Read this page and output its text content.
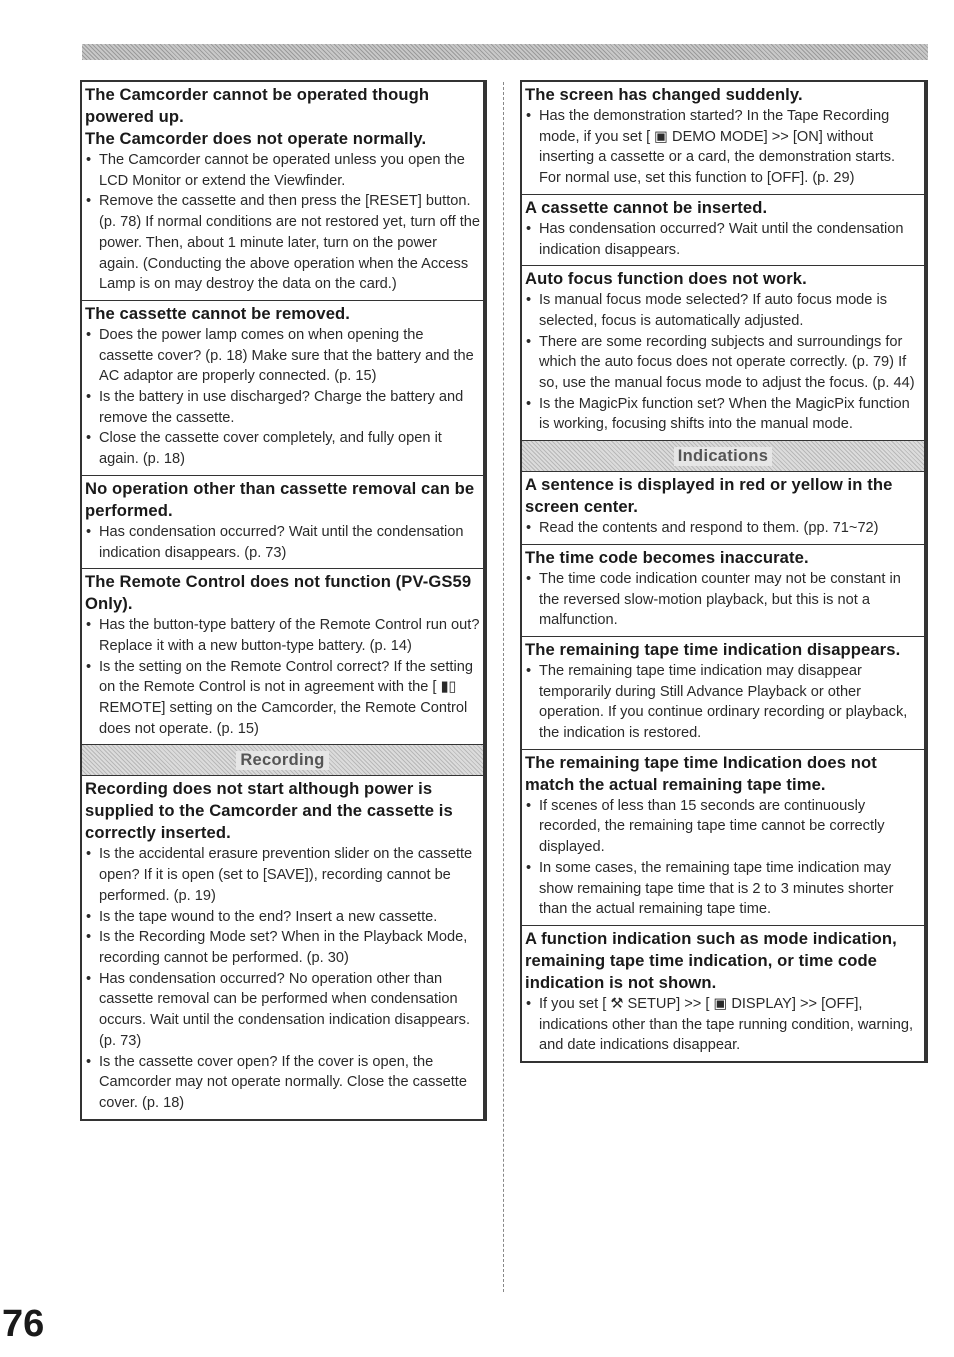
The Camcorder cannot be operated though powered up.
The Camcorder does not operate normally.
• The Camcorder cannot be operated unless you open the LCD Monitor or extend the Viewfinder.
• Remove the cassette and then press the [RESET] button. (p. 78) If normal conditions are not restored yet, turn off the power. Then, about 1 minute later, turn on the power again. (Conducting the above operation when the Access Lamp is on may destroy the data on the card.)
The cassette cannot be removed.
• Does the power lamp comes on when opening the cassette cover? (p. 18) Make sure that the battery and the AC adaptor are properly connected. (p. 15)
• Is the battery in use discharged? Charge the battery and remove the cassette.
• Close the cassette cover completely, and fully open it again. (p. 18)
No operation other than cassette removal can be performed.
• Has condensation occurred? Wait until the condensation indication disappears. (p. 73)
The Remote Control does not function (PV-GS59 Only).
• Has the button-type battery of the Remote Control run out? Replace it with a new button-type battery. (p. 14)
• Is the setting on the Remote Control correct? If the setting on the Remote Control is not in agreement with the [ ▮▯ REMOTE] setting on the Camcorder, the Remote Control does not operate. (p. 15)
Recording
Recording does not start although power is supplied to the Camcorder and the cassette is correctly inserted.
• Is the accidental erasure prevention slider on the cassette open? If it is open (set to [SAVE]), recording cannot be performed. (p. 19)
• Is the tape wound to the end? Insert a new cassette.
• Is the Recording Mode set? When in the Playback Mode, recording cannot be performed. (p. 30)
• Has condensation occurred? No operation other than cassette removal can be performed when condensation occurs. Wait until the condensation indication disappears. (p. 73)
• Is the cassette cover open? If the cover is open, the Camcorder may not operate normally. Close the cassette cover. (p. 18)
The screen has changed suddenly.
• Has the demonstration started? In the Tape Recording mode, if you set [ ▣ DEMO MODE] >> [ON] without inserting a cassette or a card, the demonstration starts. For normal use, set this function to [OFF]. (p. 29)
A cassette cannot be inserted.
• Has condensation occurred? Wait until the condensation indication disappears.
Auto focus function does not work.
• Is manual focus mode selected? If auto focus mode is selected, focus is automatically adjusted.
• There are some recording subjects and surroundings for which the auto focus does not operate correctly. (p. 79) If so, use the manual focus mode to adjust the focus. (p. 44)
• Is the MagicPix function set? When the MagicPix function is working, focusing shifts into the manual mode.
Indications
A sentence is displayed in red or yellow in the screen center.
• Read the contents and respond to them. (pp. 71~72)
The time code becomes inaccurate.
• The time code indication counter may not be constant in the reversed slow-motion playback, but this is not a malfunction.
The remaining tape time indication disappears.
• The remaining tape time indication may disappear temporarily during Still Advance Playback or other operation. If you continue ordinary recording or playback, the indication is restored.
The remaining tape time Indication does not match the actual remaining tape time.
• If scenes of less than 15 seconds are continuously recorded, the remaining tape time cannot be correctly displayed.
• In some cases, the remaining tape time indication may show remaining tape time that is 2 to 3 minutes shorter than the actual remaining tape time.
A function indication such as mode indication, remaining tape time indication, or time code indication is not shown.
• If you set [ ⚒ SETUP] >> [ ▣ DISPLAY] >> [OFF], indications other than the tape running condition, warning, and date indications disappear.
76
